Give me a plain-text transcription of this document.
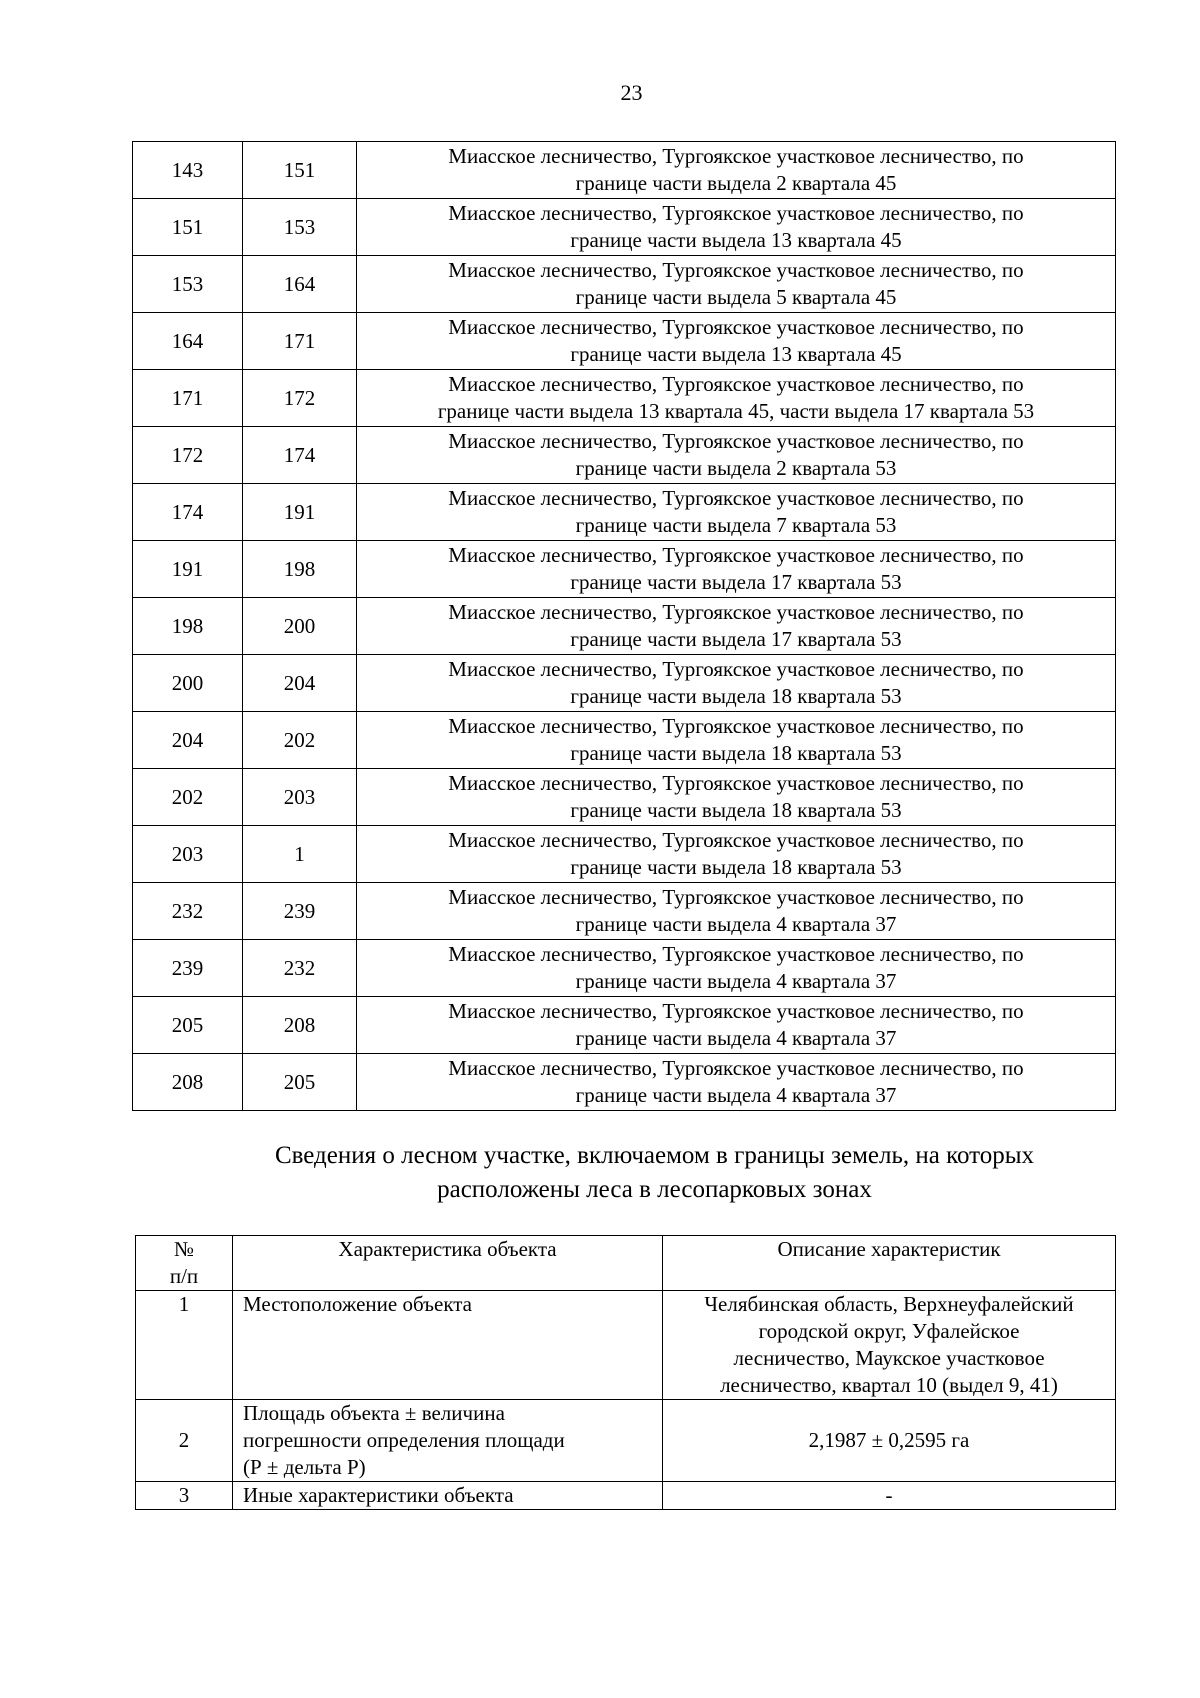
23
143	151	Миасское лесничество, Тургоякское участковое лесничество, по
границе части выдела 2 квартала 45

151	153	Миасское лесничество, Тургоякское участковое лесничество, по
границе части выдела 13 квартала 45

153	164	Миасское лесничество, Тургоякское участковое лесничество, по
границе части выдела 5 квартала 45

164	171	Миасское лесничество, Тургоякское участковое лесничество, по
границе части выдела 13 квартала 45

171	172	Миасское лесничество, Тургоякское участковое лесничество, по
границе части выдела 13 квартала 45, части выдела 17 квартала 53

172	174	Миасское лесничество, Тургоякское участковое лесничество, по
границе части выдела 2 квартала 53

174	191	Миасское лесничество, Тургоякское участковое лесничество, по
границе части выдела 7 квартала 53

191	198	Миасское лесничество, Тургоякское участковое лесничество, по
границе части выдела 17 квартала 53

198	200	Миасское лесничество, Тургоякское участковое лесничество, по
границе части выдела 17 квартала 53

200	204	Миасское лесничество, Тургоякское участковое лесничество, по
границе части выдела 18 квартала 53

204	202	Миасское лесничество, Тургоякское участковое лесничество, по
границе части выдела 18 квартала 53

202	203	Миасское лесничество, Тургоякское участковое лесничество, по
границе части выдела 18 квартала 53

203	1	Миасское лесничество, Тургоякское участковое лесничество, по
границе части выдела 18 квартала 53

232	239	Миасское лесничество, Тургоякское участковое лесничество, по
границе части выдела 4 квартала 37

239	232	Миасское лесничество, Тургоякское участковое лесничество, по
границе части выдела 4 квартала 37

205	208	Миасское лесничество, Тургоякское участковое лесничество, по
границе части выдела 4 квартала 37

208	205	Миасское лесничество, Тургоякское участковое лесничество, по
границе части выдела 4 квартала 37
Сведения о лесном участке, включаемом в границы земель, на которых
расположены леса в лесопарковых зонах
№
п/п	Характеристика объекта	Описание характеристик
1	Местоположение объекта	Челябинская область, Верхнеуфалейский
городской округ, Уфалейское
лесничество, Маукское участковое
лесничество, квартал 10 (выдел 9, 41)

2	Площадь объекта ± величина
погрешности определения площади
(Р ± дельта Р)	2,1987 ± 0,2595 га

3	Иные характеристики объекта	-
